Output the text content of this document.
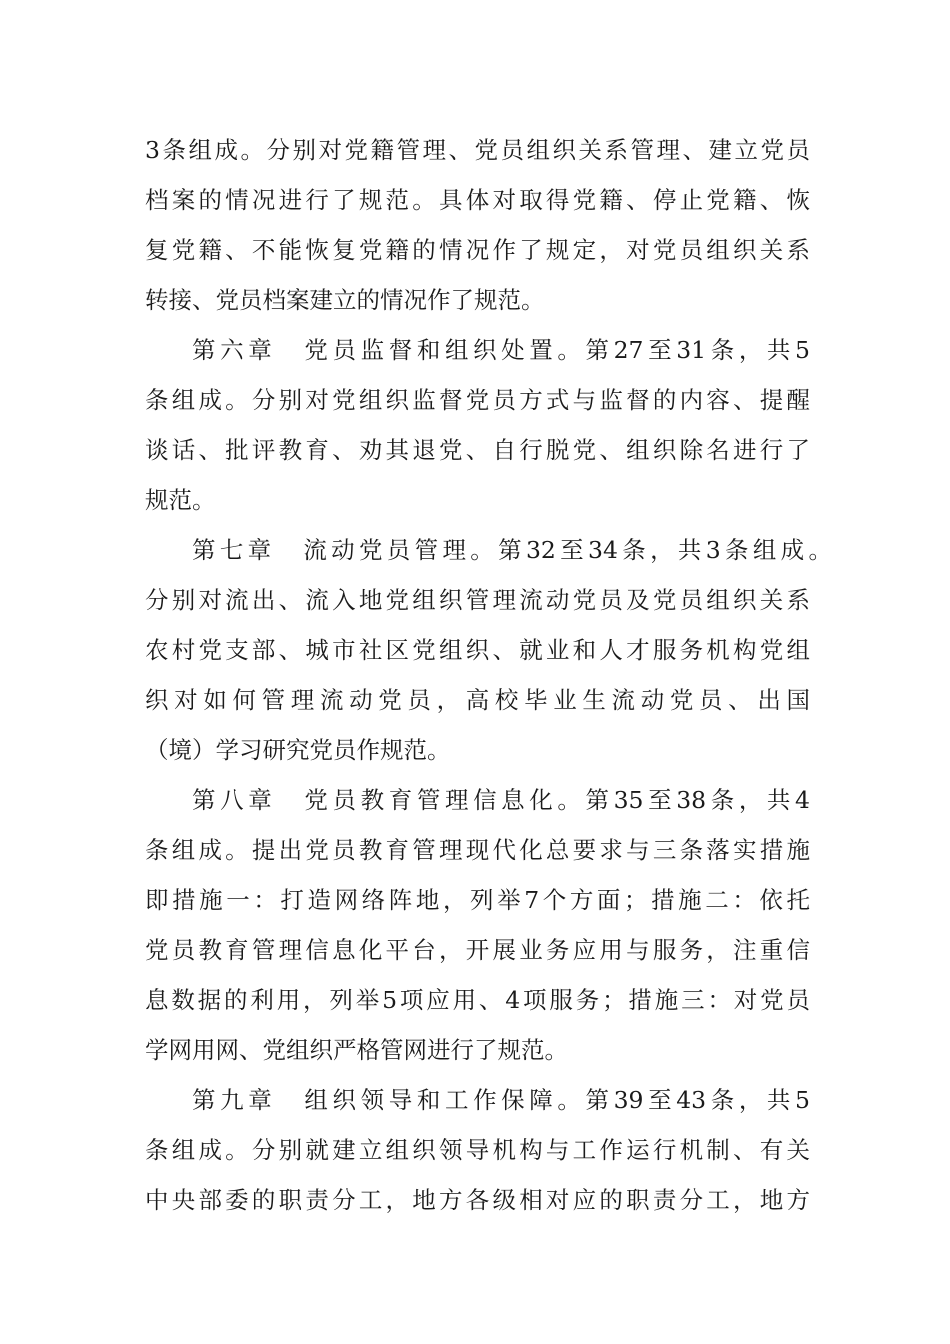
3条组成。分别对党籍管理、党员组织关系管理、建立党员
档案的情况进行了规范。具体对取得党籍、停止党籍、恢
复党籍、不能恢复党籍的情况作了规定，对党员组织关系
转接、党员档案建立的情况作了规范。
第六章　党员监督和组织处置。第27至31条，共5
条组成。分别对党组织监督党员方式与监督的内容、提醒
谈话、批评教育、劝其退党、自行脱党、组织除名进行了
规范。
第七章　流动党员管理。第32至34条，共3条组成。
分别对流出、流入地党组织管理流动党员及党员组织关系
农村党支部、城市社区党组织、就业和人才服务机构党组
织对如何管理流动党员，高校毕业生流动党员、出国
（境）学习研究党员作规范。
第八章　党员教育管理信息化。第35至38条，共4
条组成。提出党员教育管理现代化总要求与三条落实措施
即措施一：打造网络阵地，列举7个方面；措施二：依托
党员教育管理信息化平台，开展业务应用与服务，注重信
息数据的利用，列举5项应用、4项服务；措施三：对党员
学网用网、党组织严格管网进行了规范。
第九章　组织领导和工作保障。第39至43条，共5
条组成。分别就建立组织领导机构与工作运行机制、有关
中央部委的职责分工，地方各级相对应的职责分工，地方
